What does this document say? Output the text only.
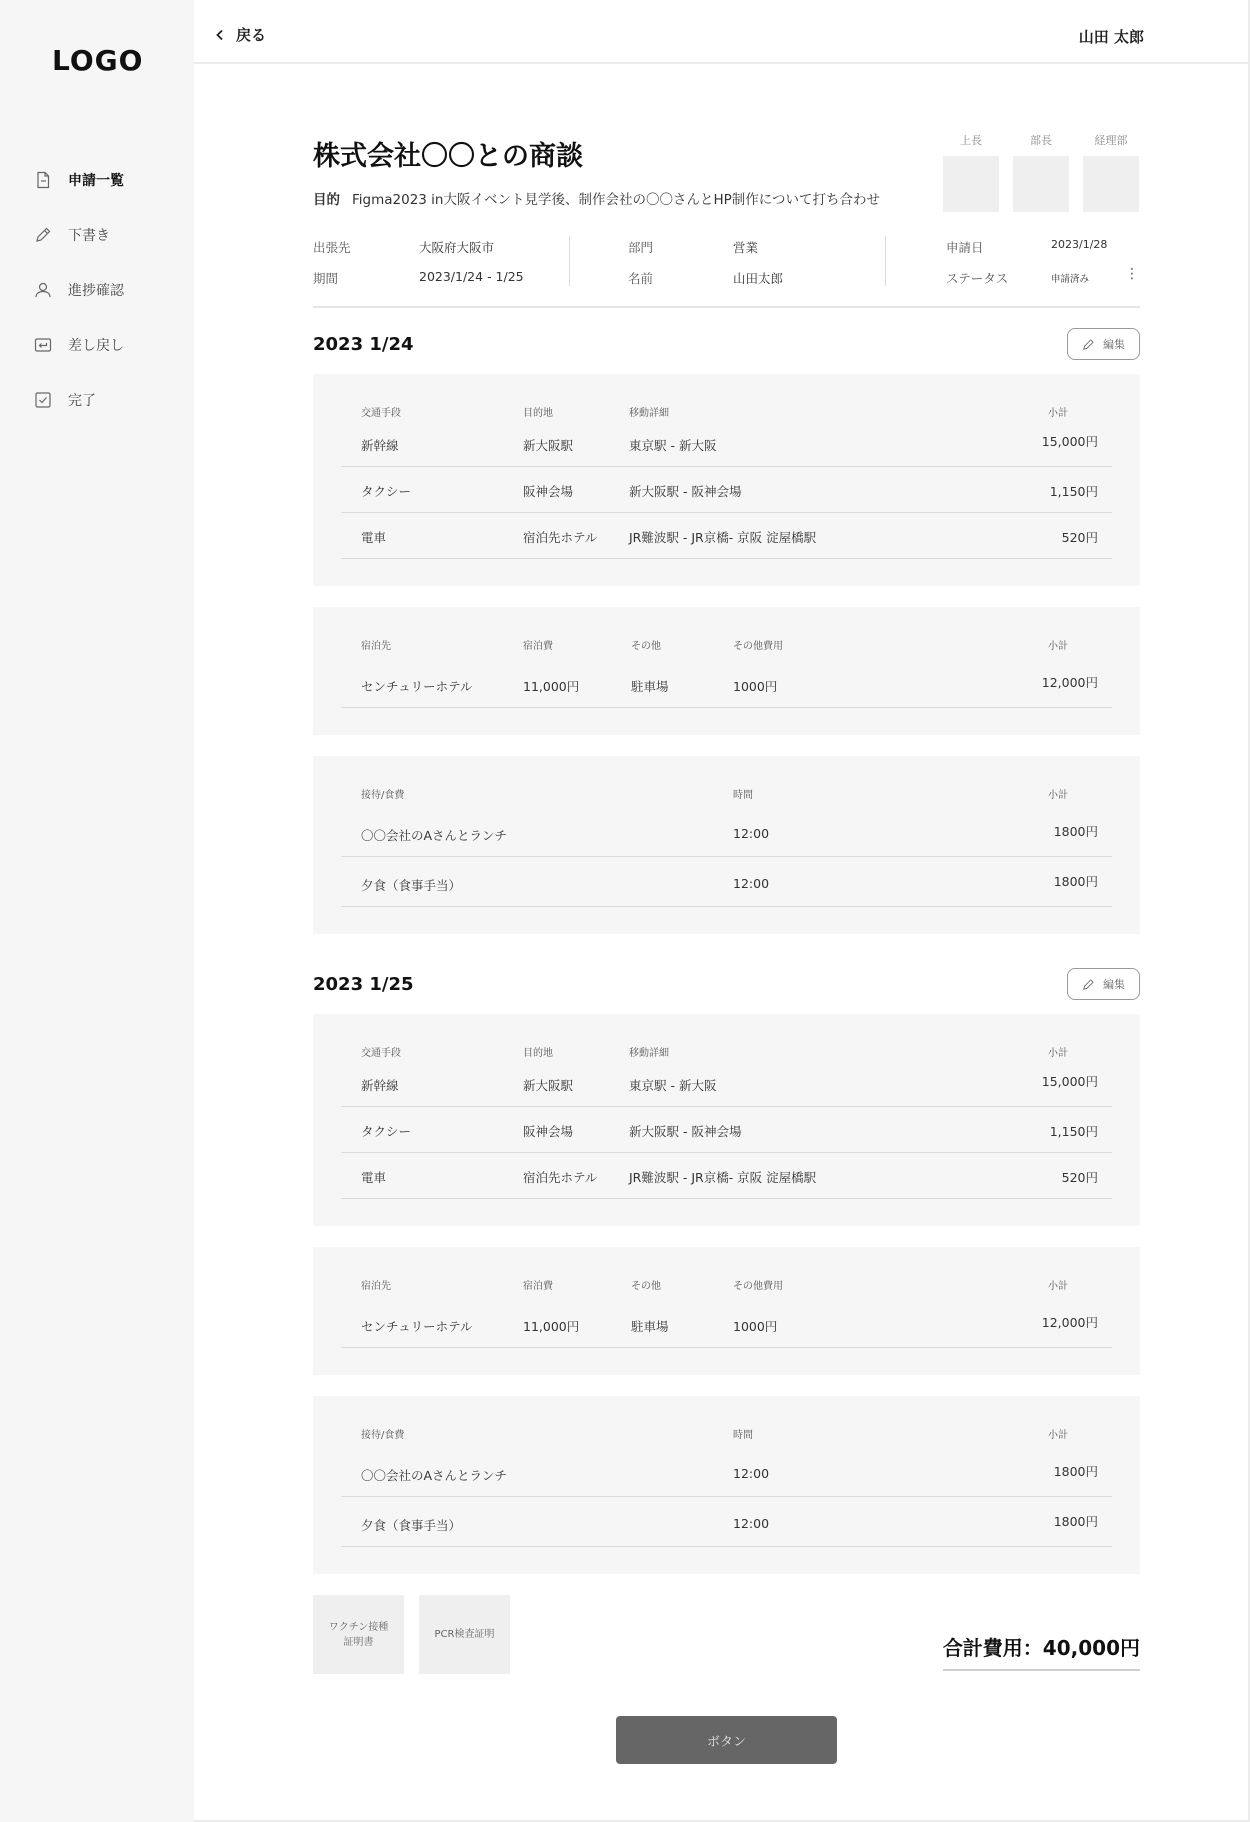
LOGO
申請一覧
下書き
進捗確認
差し戻し
完了
戻る	山田 太郎
株式会社〇〇との商談
目的 Figma2023 in大阪イベント見学後、制作会社の〇〇さんとHP制作について打ち合わせ
上長	部長	経理部
出張先	大阪府大阪市
期間	2023/1/24 - 1/25
部門	営業
名前	山田太郎
申請日	2023/1/28
ステータス	申請済み	⋮
2023 1/24	編集
交通手段	目的地	移動詳細	小計
新幹線	新大阪駅	東京駅 - 新大阪	15,000円
タクシー	阪神会場	新大阪駅 - 阪神会場	1,150円
電車	宿泊先ホテル	JR難波駅 - JR京橋- 京阪 淀屋橋駅	520円
宿泊先	宿泊費	その他	その他費用	小計
センチュリーホテル	11,000円	駐車場	1000円	12,000円
接待/食費	時間	小計
〇〇会社のAさんとランチ	12:00	1800円
夕食（食事手当）	12:00	1800円
2023 1/25	編集
交通手段	目的地	移動詳細	小計
新幹線	新大阪駅	東京駅 - 新大阪	15,000円
タクシー	阪神会場	新大阪駅 - 阪神会場	1,150円
電車	宿泊先ホテル	JR難波駅 - JR京橋- 京阪 淀屋橋駅	520円
宿泊先	宿泊費	その他	その他費用	小計
センチュリーホテル	11,000円	駐車場	1000円	12,000円
接待/食費	時間	小計
〇〇会社のAさんとランチ	12:00	1800円
夕食（食事手当）	12:00	1800円
ワクチン接種
証明書
PCR検査証明
合計費用：40,000円
ボタン
